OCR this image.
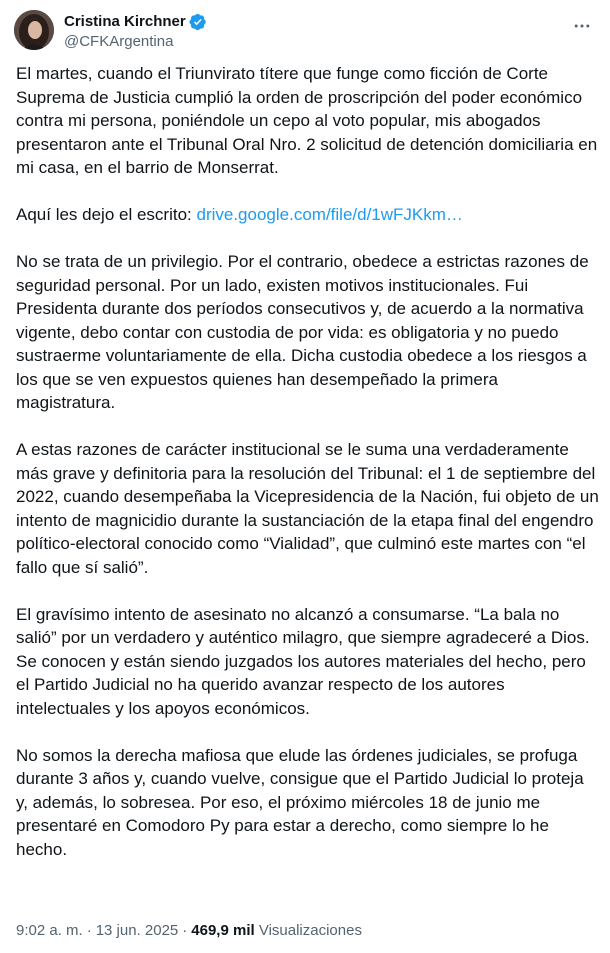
Cristina Kirchner
@CFKArgentina

El martes, cuando el Triunvirato títere que funge como ficción de Corte Suprema de Justicia cumplió la orden de proscripción del poder económico contra mi persona, poniéndole un cepo al voto popular, mis abogados presentaron ante el Tribunal Oral Nro. 2 solicitud de detención domiciliaria en mi casa, en el barrio de Monserrat.

Aquí les dejo el escrito: drive.google.com/file/d/1wFJKkm…

No se trata de un privilegio. Por el contrario, obedece a estrictas razones de seguridad personal. Por un lado, existen motivos institucionales. Fui Presidenta durante dos períodos consecutivos y, de acuerdo a la normativa vigente, debo contar con custodia de por vida: es obligatoria y no puedo sustraerme voluntariamente de ella. Dicha custodia obedece a los riesgos a los que se ven expuestos quienes han desempeñado la primera magistratura.

A estas razones de carácter institucional se le suma una verdaderamente más grave y definitoria para la resolución del Tribunal: el 1 de septiembre del 2022, cuando desempeñaba la Vicepresidencia de la Nación, fui objeto de un intento de magnicidio durante la sustanciación de la etapa final del engendro político-electoral conocido como “Vialidad”, que culminó este martes con “el fallo que sí salió”.

El gravísimo intento de asesinato no alcanzó a consumarse. “La bala no salió” por un verdadero y auténtico milagro, que siempre agradeceré a Dios. Se conocen y están siendo juzgados los autores materiales del hecho, pero el Partido Judicial no ha querido avanzar respecto de los autores intelectuales y los apoyos económicos.

No somos la derecha mafiosa que elude las órdenes judiciales, se profuga durante 3 años y, cuando vuelve, consigue que el Partido Judicial lo proteja y, además, lo sobresea. Por eso, el próximo miércoles 18 de junio me presentaré en Comodoro Py para estar a derecho, como siempre lo he hecho.

9:02 a. m. · 13 jun. 2025 · 469,9 mil Visualizaciones
